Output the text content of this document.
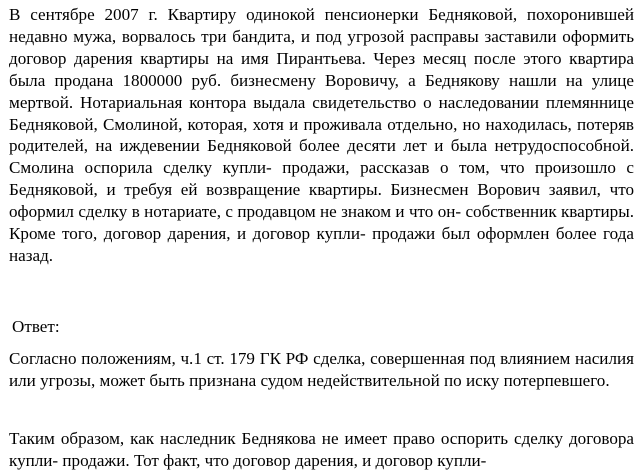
В сентябре 2007 г. Квартиру одинокой пенсионерки Бедняковой, похоронившей недавно мужа, ворвалось три бандита, и под угрозой расправы заставили оформить договор дарения квартиры на имя Пирантьева. Через месяц после этого квартира была продана 1800000 руб. бизнесмену Воровичу, а Беднякову нашли на улице мертвой. Нотариальная контора выдала свидетельство о наследовании племяннице Бедняковой, Смолиной, которая, хотя и проживала отдельно, но находилась, потеряв родителей, на иждевении Бедняковой более десяти лет и была нетрудоспособной. Смолина оспорила сделку купли- продажи, рассказав о том, что произошло с Бедняковой, и требуя ей возвращение квартиры. Бизнесмен Ворович заявил, что оформил сделку в нотариате, с продавцом не знаком и что он- собственник квартиры. Кроме того, договор дарения, и договор купли- продажи был оформлен более года назад.

Ответ:

Согласно положениям, ч.1 ст. 179 ГК РФ сделка, совершенная под влиянием насилия или угрозы, может быть признана судом недействительной по иску потерпевшего.

Таким образом, как наследник Беднякова не имеет право оспорить сделку договора купли- продажи. Тот факт, что договор дарения, и договор купли-
